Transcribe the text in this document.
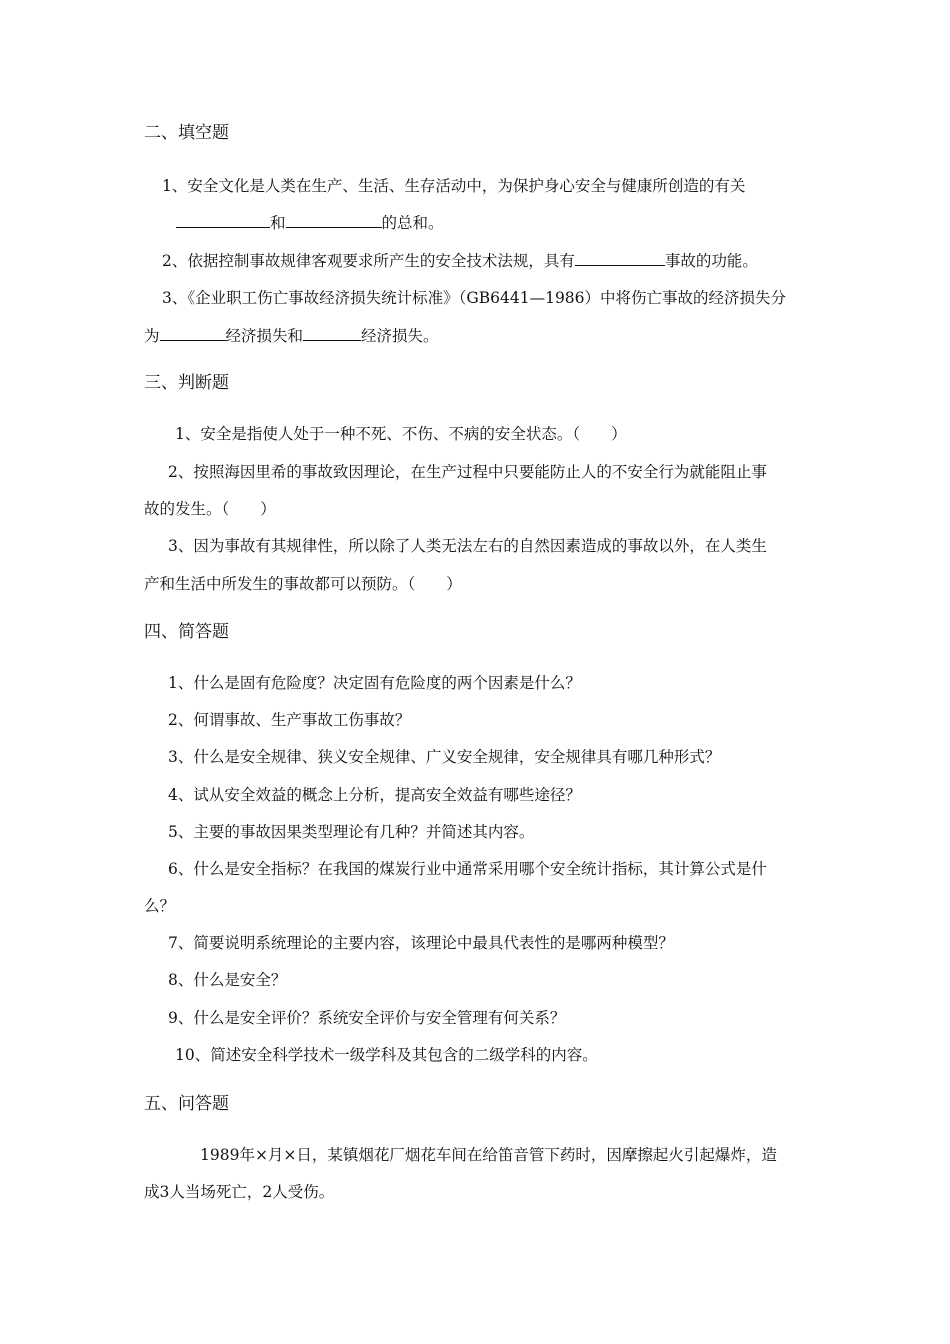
二、填空题
1、安全文化是人类在生产、生活、生存活动中，为保护身心安全与健康所创造的有关
和	的总和。
2、依据控制事故规律客观要求所产生的安全技术法规，具有	事故的功能。
3、《企业职工伤亡事故经济损失统计标准》（GB6441—1986）中将伤亡事故的经济损失分
为	经济损失和	经济损失。
三、判断题
1、安全是指使人处于一种不死、不伤、不病的安全状态。（　　）
2、按照海因里希的事故致因理论，在生产过程中只要能防止人的不安全行为就能阻止事
故的发生。（　　）
3、因为事故有其规律性，所以除了人类无法左右的自然因素造成的事故以外，在人类生
产和生活中所发生的事故都可以预防。（　　）
四、简答题
1、什么是固有危险度？决定固有危险度的两个因素是什么？
2、何谓事故、生产事故工伤事故？
3、什么是安全规律、狭义安全规律、广义安全规律，安全规律具有哪几种形式？
4、试从安全效益的概念上分析，提高安全效益有哪些途径？
5、主要的事故因果类型理论有几种？并简述其内容。
6、什么是安全指标？在我国的煤炭行业中通常采用哪个安全统计指标，其计算公式是什
么？
7、简要说明系统理论的主要内容，该理论中最具代表性的是哪两种模型？
8、什么是安全？
9、什么是安全评价？系统安全评价与安全管理有何关系？
10、简述安全科学技术一级学科及其包含的二级学科的内容。
五、问答题
1989年×月×日，某镇烟花厂烟花车间在给笛音管下药时，因摩擦起火引起爆炸，造
成3人当场死亡，2人受伤。
